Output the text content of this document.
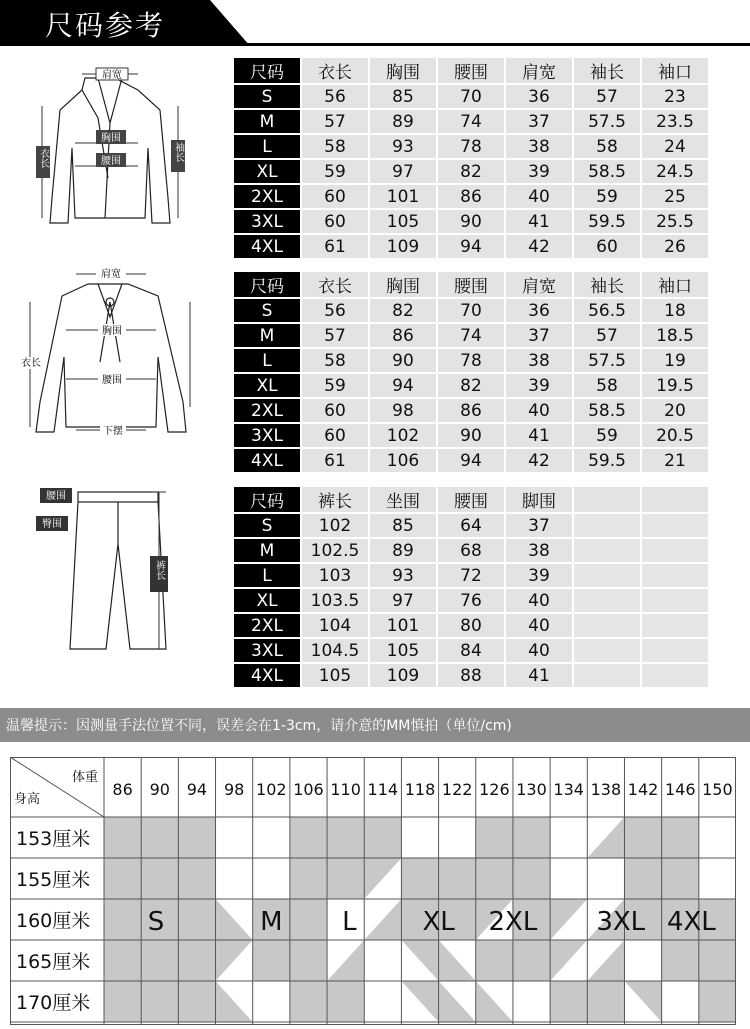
尺码参考
肩宽
胸围
腰围
衣长	袖长
肩宽
胸围
腰围
下摆
衣长
腰围
臀围
裤长
尺码	衣长	胸围	腰围	肩宽	袖长	袖口
S	56	85	70	36	57	23
M	57	89	74	37	57.5	23.5
L	58	93	78	38	58	24
XL	59	97	82	39	58.5	24.5
2XL	60	101	86	40	59	25
3XL	60	105	90	41	59.5	25.5
4XL	61	109	94	42	60	26
尺码	衣长	胸围	腰围	肩宽	袖长	袖口
S	56	82	70	36	56.5	18
M	57	86	74	37	57	18.5
L	58	90	78	38	57.5	19
XL	59	94	82	39	58	19.5
2XL	60	98	86	40	58.5	20
3XL	60	102	90	41	59	20.5
4XL	61	106	94	42	59.5	21
尺码	裤长	坐围	腰围	脚围		
S	102	85	64	37		
M	102.5	89	68	38		
L	103	93	72	39		
XL	103.5	97	76	40		
2XL	104	101	80	40		
3XL	104.5	105	84	40		
4XL	105	109	88	41		
温馨提示：因测量手法位置不同，误差会在1-3cm，请介意的MM慎拍（单位/cm)
体重
身高
86 90 94 98 102 106 110 114 118 122 126 130 134 138 142 146 150
153厘米
155厘米
160厘米
165厘米
170厘米
S	M L	XL 2XL 3XL 4XL
